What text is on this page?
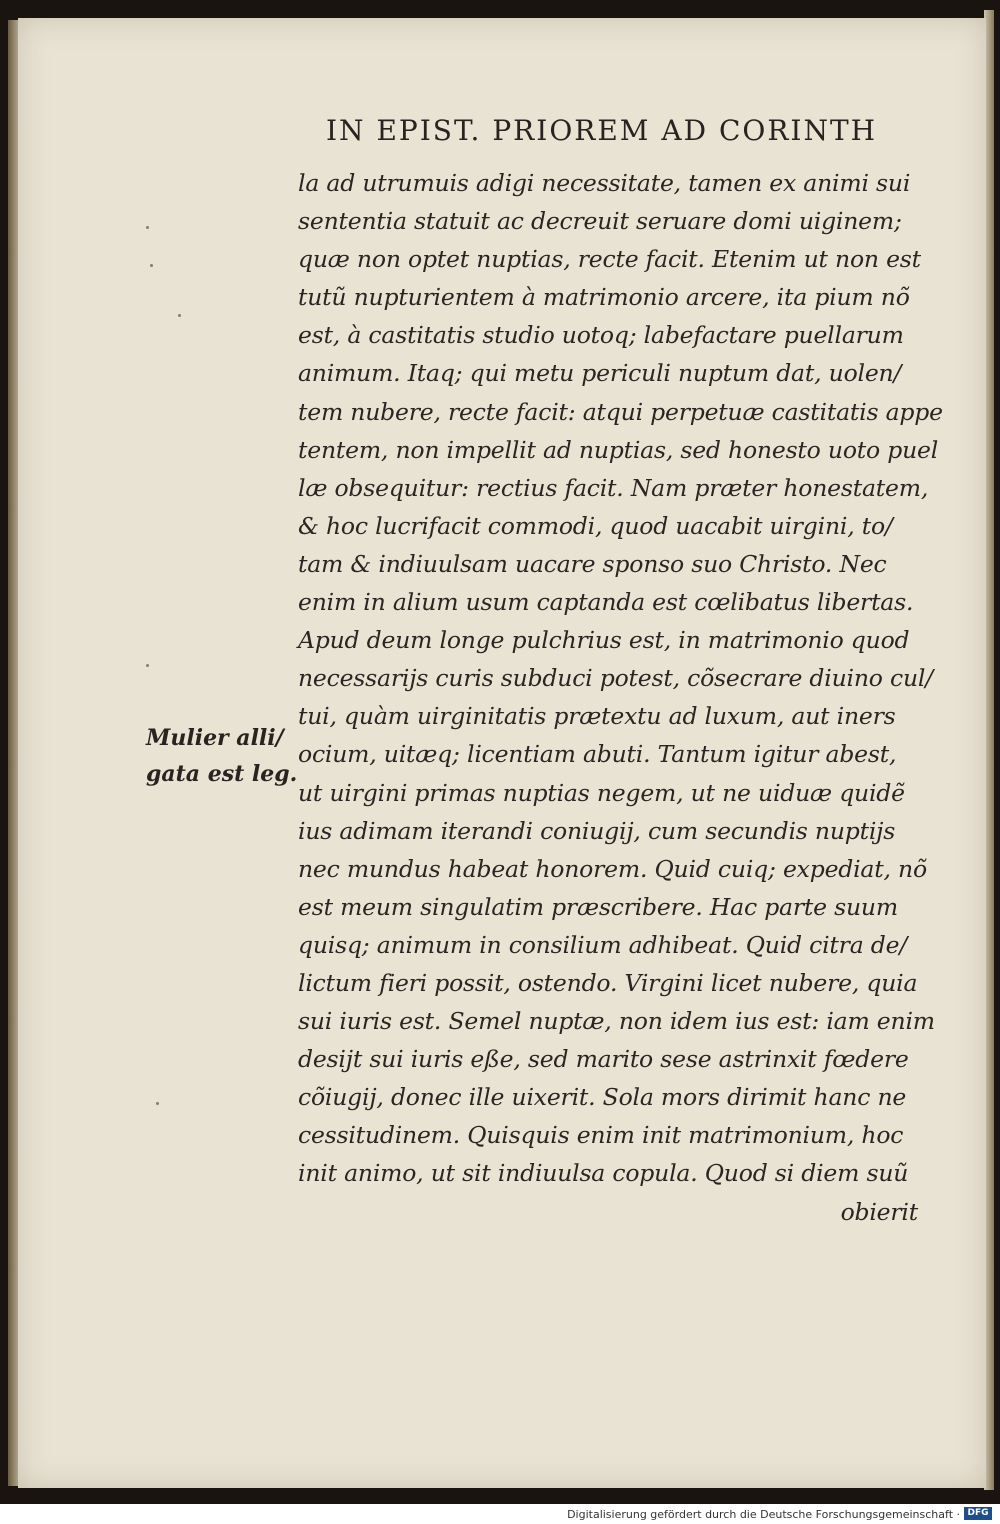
IN EPIST. PRIOREM AD CORINTH
Mulier alli/
gata est leg.
la ad utrumuis adigi necessitate, tamen ex animi sui
sententia statuit ac decreuit seruare domi uiginem;
quæ non optet nuptias, recte facit. Etenim ut non est
tutũ nupturientem à matrimonio arcere, ita pium nõ
est, à castitatis studio uotoq; labefactare puellarum
animum. Itaq; qui metu periculi nuptum dat, uolen/
tem nubere, recte facit: atqui perpetuæ castitatis appe
tentem, non impellit ad nuptias, sed honesto uoto puel
læ obsequitur: rectius facit. Nam præter honestatem,
& hoc lucrifacit commodi, quod uacabit uirgini, to/
tam & indiuulsam uacare sponso suo Christo. Nec
enim in alium usum captanda est cœlibatus libertas.
Apud deum longe pulchrius est, in matrimonio quod
necessarijs curis subduci potest, cõsecrare diuino cul/
tui, quàm uirginitatis prætextu ad luxum, aut iners
ocium, uitæq; licentiam abuti. Tantum igitur abest,
ut uirgini primas nuptias negem, ut ne uiduæ quidẽ
ius adimam iterandi coniugij, cum secundis nuptijs
nec mundus habeat honorem. Quid cuiq; expediat, nõ
est meum singulatim præscribere. Hac parte suum
quisq; animum in consilium adhibeat. Quid citra de/
lictum fieri possit, ostendo. Virgini licet nubere, quia
sui iuris est. Semel nuptæ, non idem ius est: iam enim
desijt sui iuris eße, sed marito sese astrinxit fœdere
cõiugij, donec ille uixerit. Sola mors dirimit hanc ne
cessitudinem. Quisquis enim init matrimonium, hoc
init animo, ut sit indiuulsa copula. Quod si diem suũ
obierit
Digitalisierung gefördert durch die Deutsche Forschungsgemeinschaft · DFG
